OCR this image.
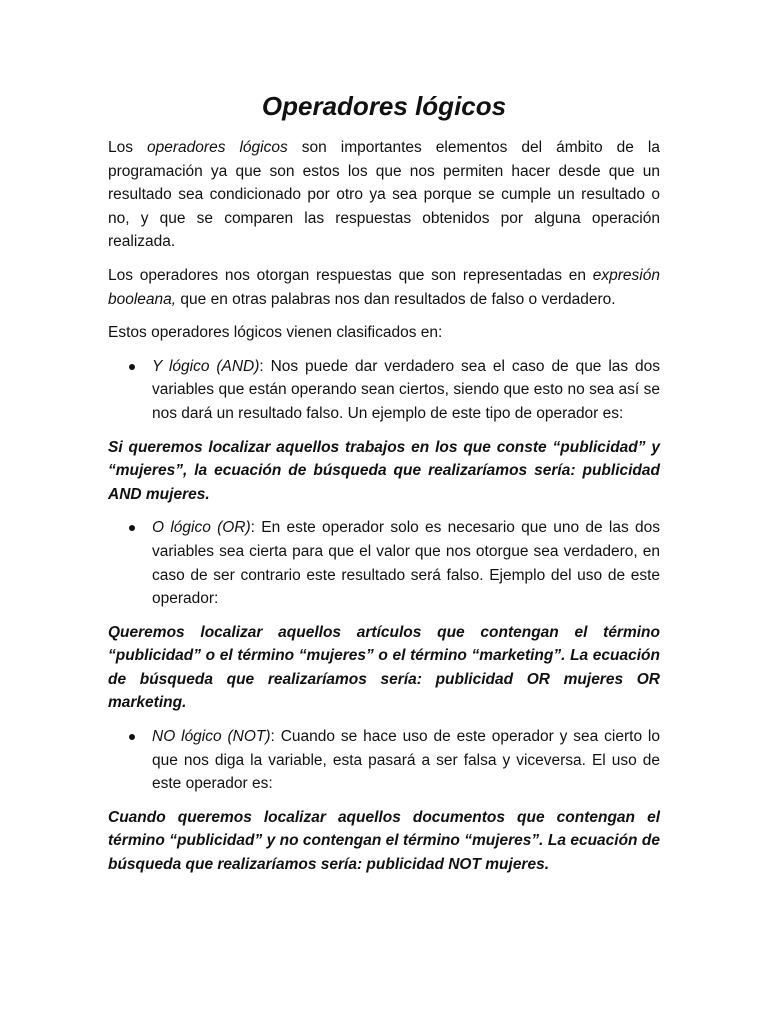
Operadores lógicos

Los operadores lógicos son importantes elementos del ámbito de la programación ya que son estos los que nos permiten hacer desde que un resultado sea condicionado por otro ya sea porque se cumple un resultado o no, y que se comparen las respuestas obtenidos por alguna operación realizada.

Los operadores nos otorgan respuestas que son representadas en expresión booleana, que en otras palabras nos dan resultados de falso o verdadero.

Estos operadores lógicos vienen clasificados en:

Y lógico (AND): Nos puede dar verdadero sea el caso de que las dos variables que están operando sean ciertos, siendo que esto no sea así se nos dará un resultado falso. Un ejemplo de este tipo de operador es:

Si queremos localizar aquellos trabajos en los que conste “publicidad” y “mujeres”, la ecuación de búsqueda que realizaríamos sería: publicidad AND mujeres.

O lógico (OR): En este operador solo es necesario que uno de las dos variables sea cierta para que el valor que nos otorgue sea verdadero, en caso de ser contrario este resultado será falso. Ejemplo del uso de este operador:

Queremos localizar aquellos artículos que contengan el término “publicidad” o el término “mujeres” o el término “marketing”. La ecuación de búsqueda que realizaríamos sería: publicidad OR mujeres OR marketing.

NO lógico (NOT): Cuando se hace uso de este operador y sea cierto lo que nos diga la variable, esta pasará a ser falsa y viceversa. El uso de este operador es:

Cuando queremos localizar aquellos documentos que contengan el término “publicidad” y no contengan el término “mujeres”. La ecuación de búsqueda que realizaríamos sería: publicidad NOT mujeres.
